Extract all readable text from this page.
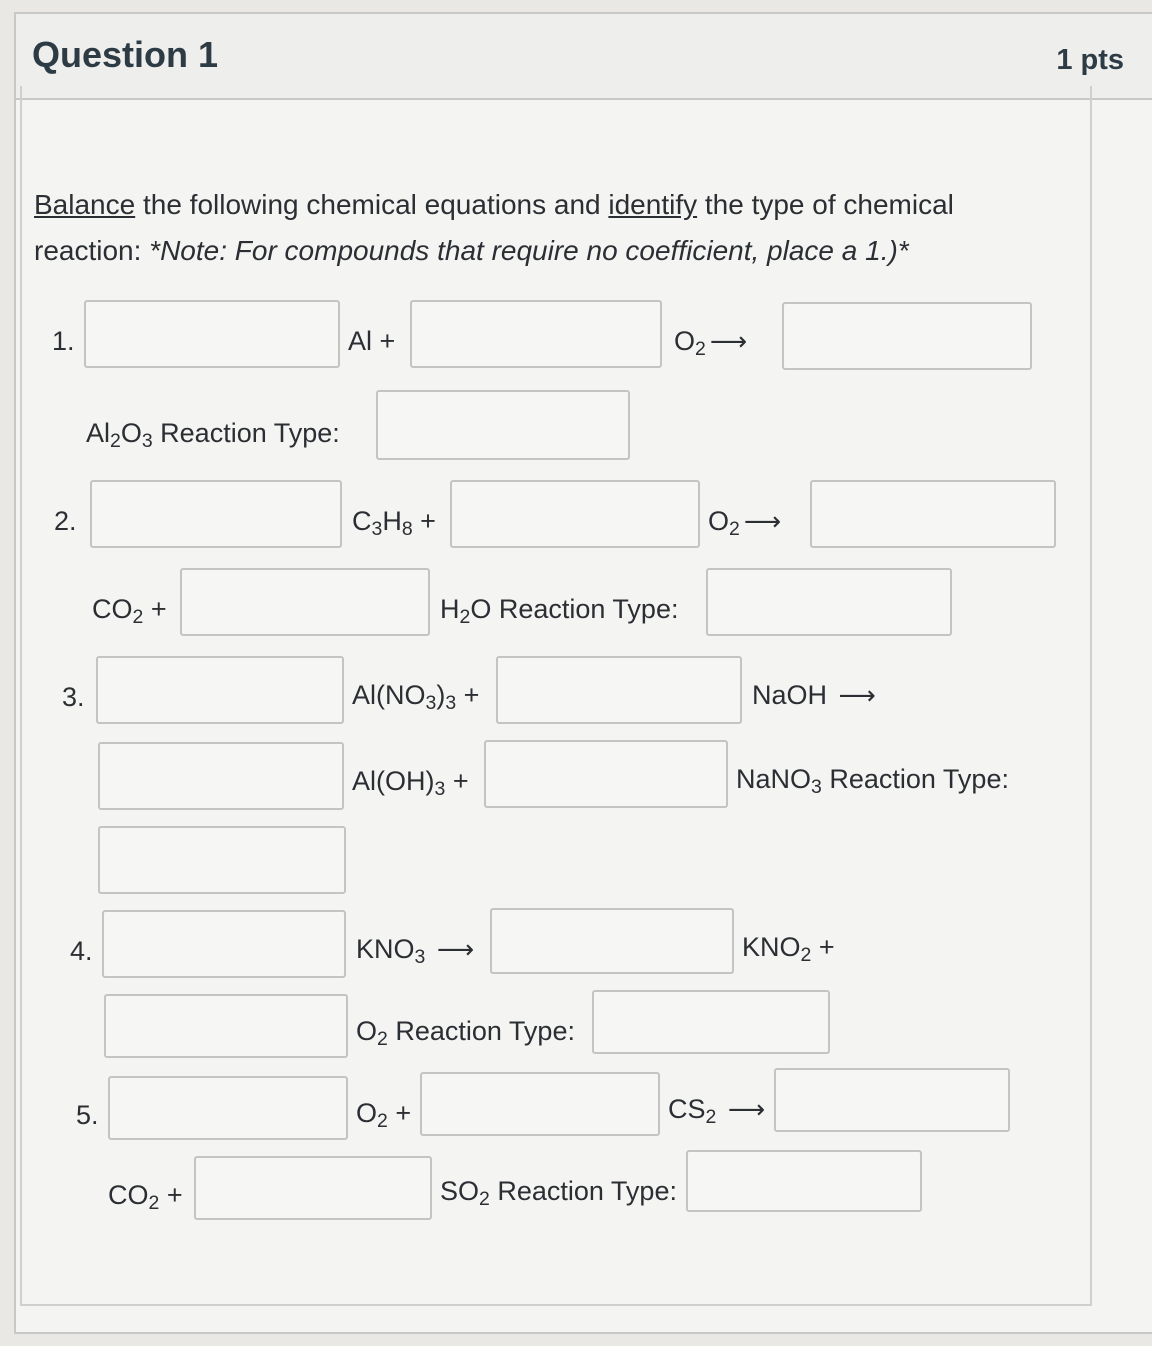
Question 1	1 pts
Balance the following chemical equations and identify the type of chemical reaction: *Note: For compounds that require no coefficient, place a 1.)*
1.	Al +	$O_2$ ⟶
$Al_2O_3$ Reaction Type:
2.	$C_3H_8$ +	$O_2$ ⟶
$CO_2$ +	$H_2O$ Reaction Type:
3.	$Al(NO_3)_3$ +	NaOH ⟶
$Al(OH)_3$ +	NaNO$_3$ Reaction Type:
4.	$KNO_3$ ⟶	$KNO_2$ +
$O_2$ Reaction Type:
5.	$O_2$ +	$CS_2$ ⟶
$CO_2$ +	$SO_2$ Reaction Type:
